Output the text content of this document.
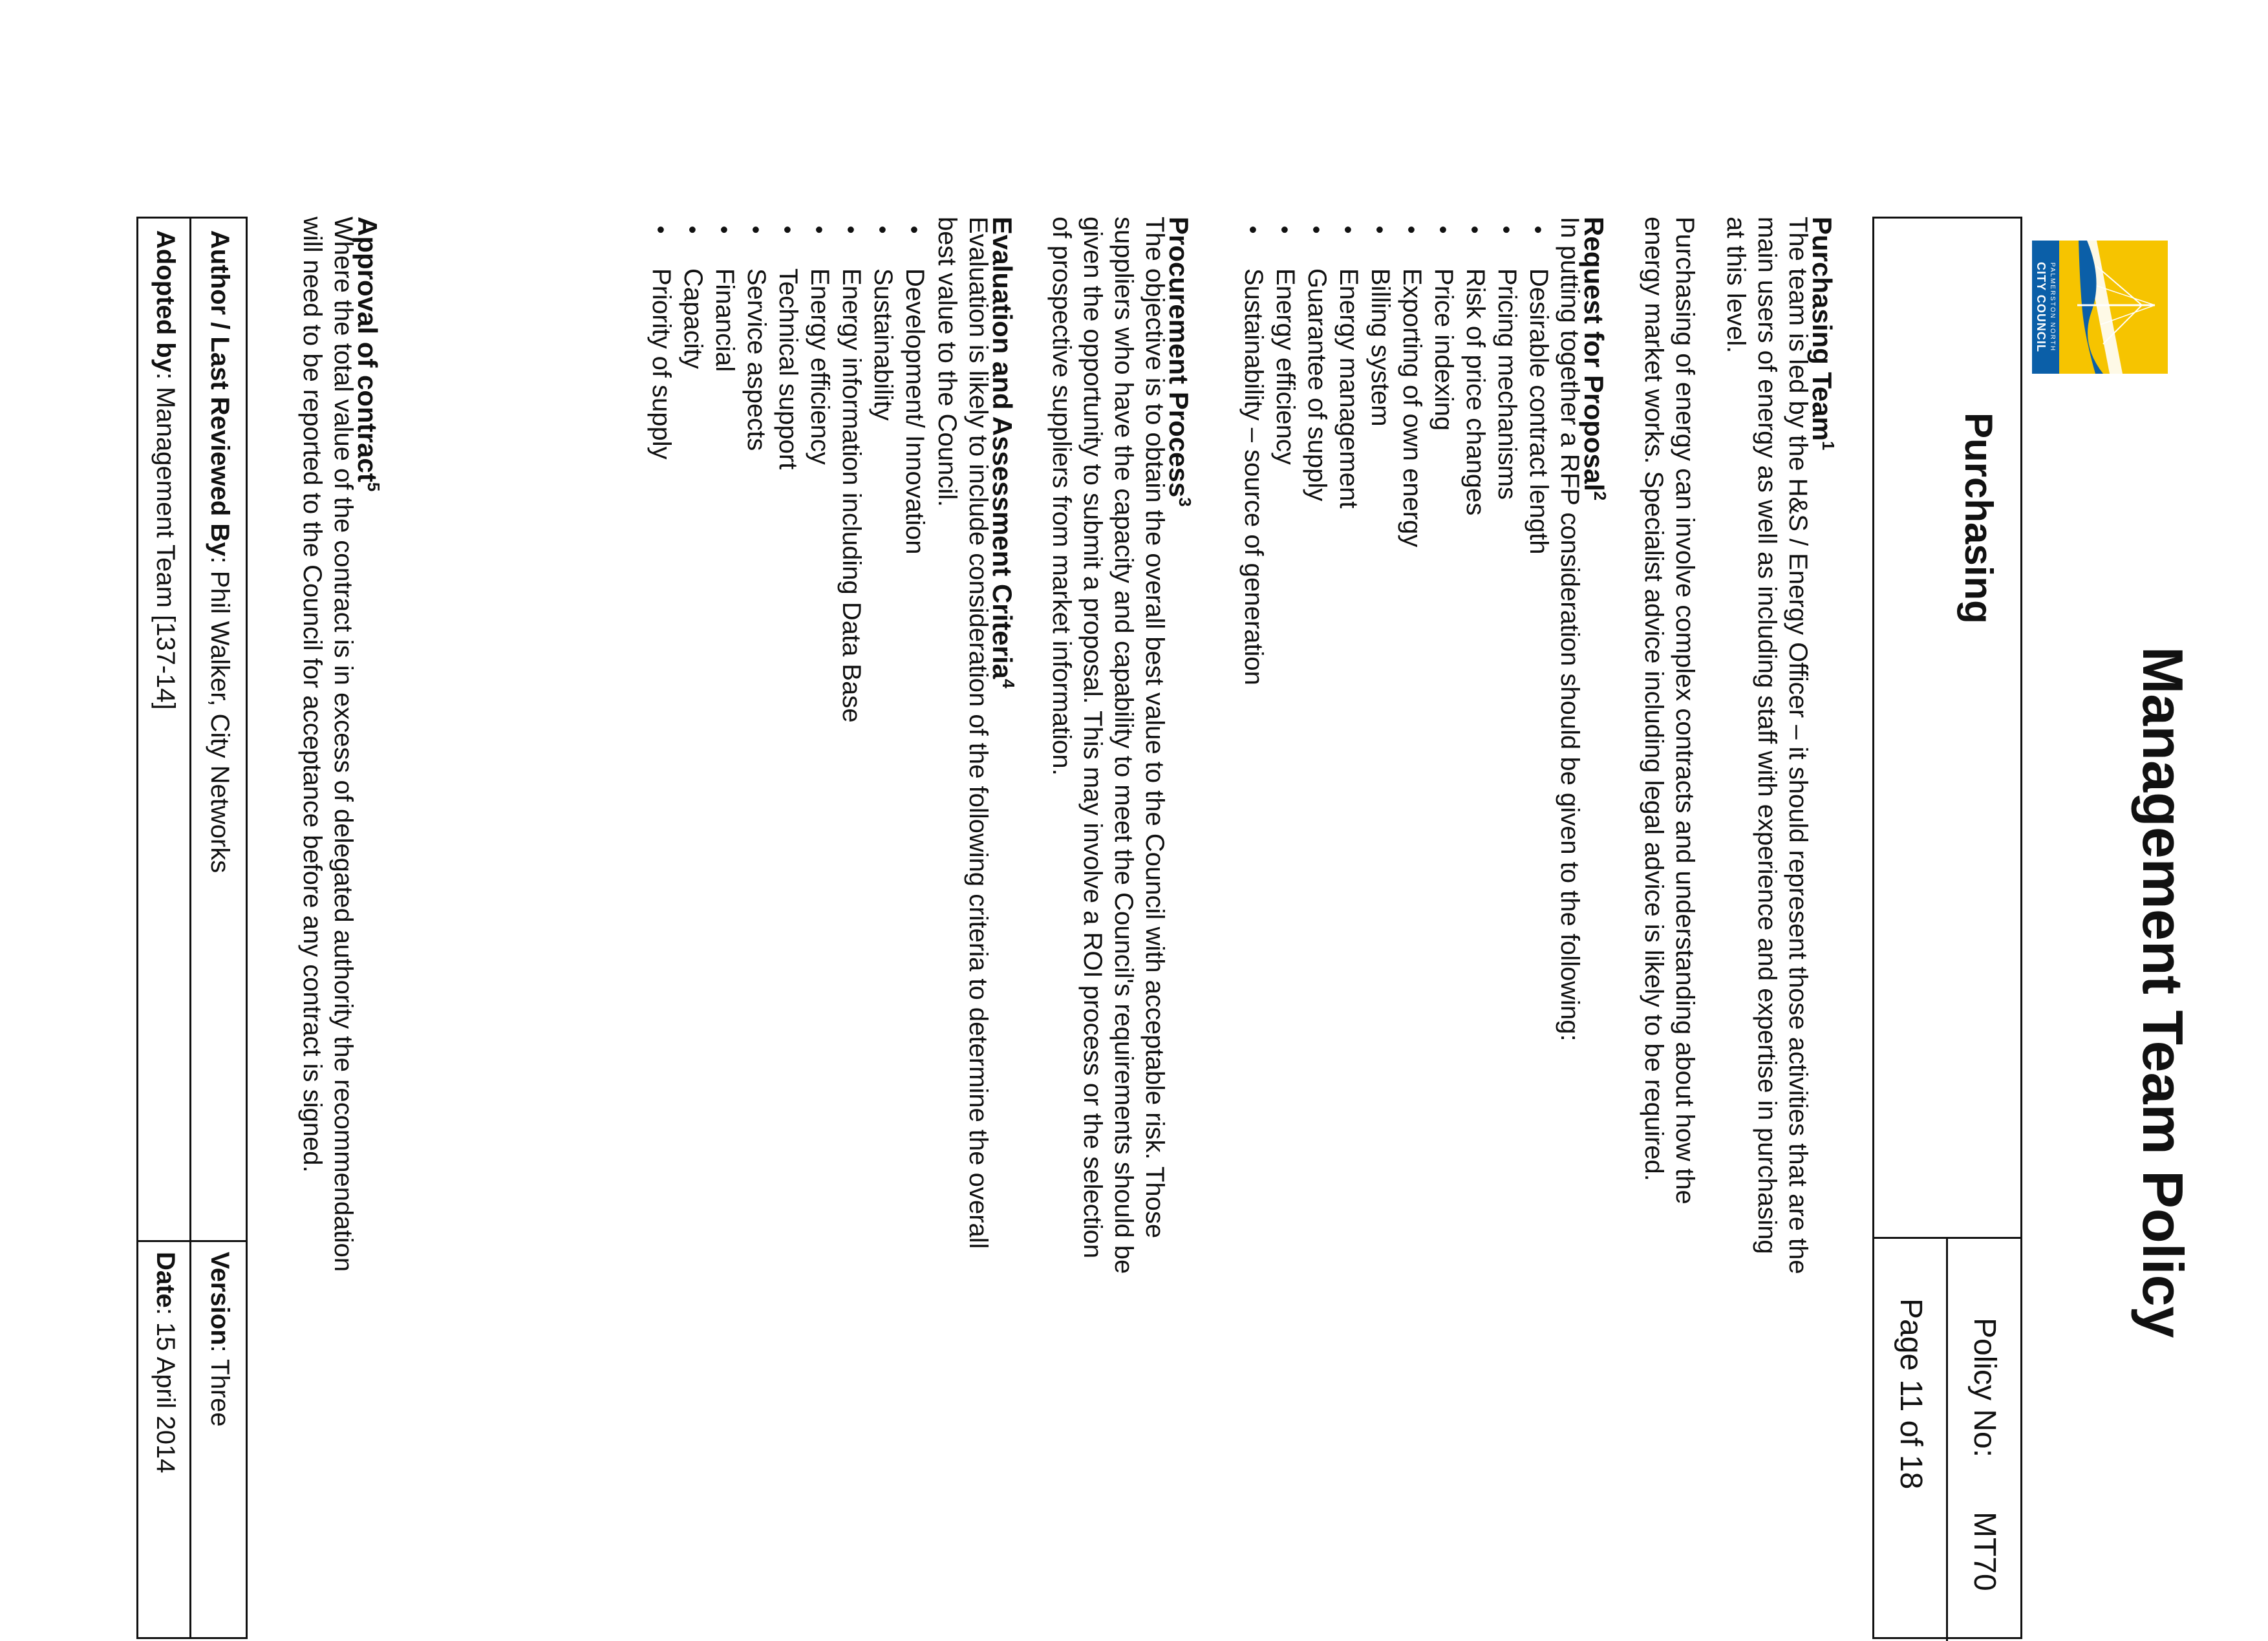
PALMERSTON NORTH
CITY COUNCIL
Management Team Policy
Purchasing
Policy No:
MT70
Page 11 of 18
Purchasing Team$^1$
The team is led by the H&S / Energy Officer – it should represent those activities that are the
main users of energy as well as including staff with experience and expertise in purchasing
at this level.
Purchasing of energy can involve complex contracts and understanding about how the
energy market works. Specialist advice including legal advice is likely to be required.
Request for Proposal$^2$
In putting together a RFP consideration should be given to the following:
• Desirable contract length
• Pricing mechanisms
• Risk of price changes
• Price indexing
• Exporting of own energy
• Billing system
• Energy management
• Guarantee of supply
• Energy efficiency
• Sustainability – source of generation
Procurement Process$^3$
The objective is to obtain the overall best value to the Council with acceptable risk. Those
suppliers who have the capacity and capability to meet the Council's requirements should be
given the opportunity to submit a proposal. This may involve a ROI process or the selection
of prospective suppliers from market information.
Evaluation and Assessment Criteria$^4$
Evaluation is likely to include consideration of the following criteria to determine the overall
best value to the Council.
• Development/ Innovation
• Sustainability
• Energy information including Data Base
• Energy efficiency
• Technical support
• Service aspects
• Financial
• Capacity
• Priority of supply
Approval of contract$^5$
Where the total value of the contract is in excess of delegated authority the recommendation
will need to be reported to the Council for acceptance before any contract is signed.
Author / Last Reviewed By: Phil Walker, City Networks
Version: Three
Adopted by: Management Team [137-14]
Date: 15 April 2014
